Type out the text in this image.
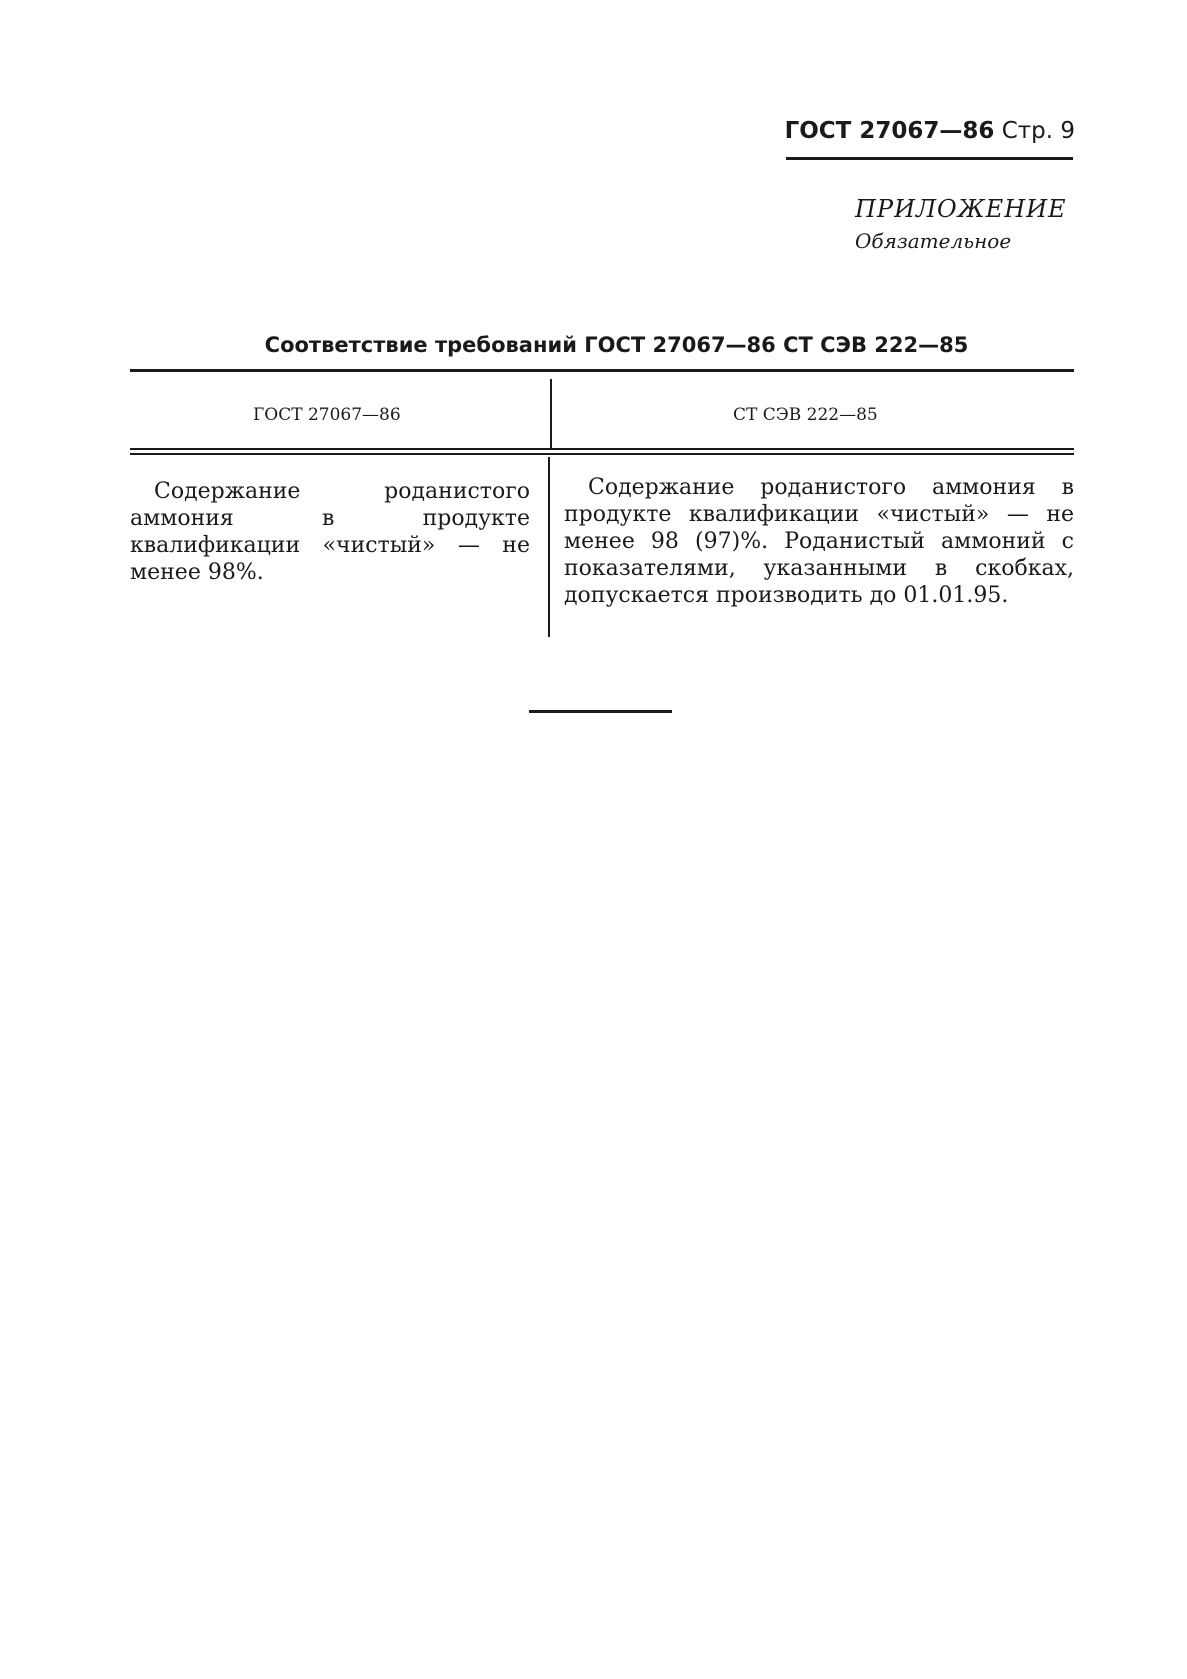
ГОСТ 27067—86 Стр. 9
ПРИЛОЖЕНИЕ
Обязательное
Соответствие требований ГОСТ 27067—86 СТ СЭВ 222—85
ГОСТ 27067—86	СТ СЭВ 222—85
Содержание роданистого аммония в продукте квалификации «чистый» — не менее 98%.
Содержание роданистого аммония в продукте квалификации «чистый» — не менее 98 (97)%. Роданистый аммоний с показателями, указанными в скобках, допускается производить до 01.01.95.
